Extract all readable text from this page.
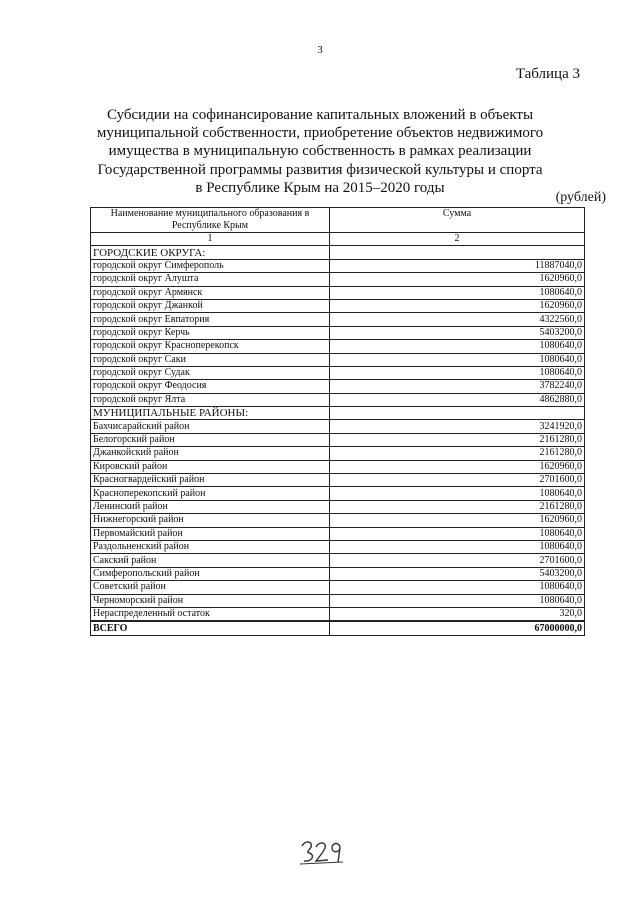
3
Таблица 3
Субсидии на софинансирование капитальных вложений в объекты
муниципальной собственности, приобретение объектов недвижимого
имущества в муниципальную собственность в рамках реализации
Государственной программы развития физической культуры и спорта
в Республике Крым на 2015–2020 годы
(рублей)
Наименование муниципального образования в Республике Крым	Сумма
1	2
ГОРОДСКИЕ ОКРУГА:	
городской округ Симферополь	11887040,0
городской округ Алушта	1620960,0
городской округ Армянск	1080640,0
городской округ Джанкой	1620960,0
городской округ Евпатория	4322560,0
городской округ Керчь	5403200,0
городской округ Красноперекопск	1080640,0
городской округ Саки	1080640,0
городской округ Судак	1080640,0
городской округ Феодосия	3782240,0
городской округ Ялта	4862880,0
МУНИЦИПАЛЬНЫЕ РАЙОНЫ:	
Бахчисарайский район	3241920,0
Белогорский район	2161280,0
Джанкойский район	2161280,0
Кировский район	1620960,0
Красногвардейский район	2701600,0
Красноперекопский район	1080640,0
Ленинский район	2161280,0
Нижнегорский район	1620960,0
Первомайский район	1080640,0
Раздольненский район	1080640,0
Сакский район	2701600,0
Симферопольский район	5403200,0
Советский район	1080640,0
Черноморский район	1080640,0
Нераспределенный остаток	320,0
ВСЕГО	67000000,0
